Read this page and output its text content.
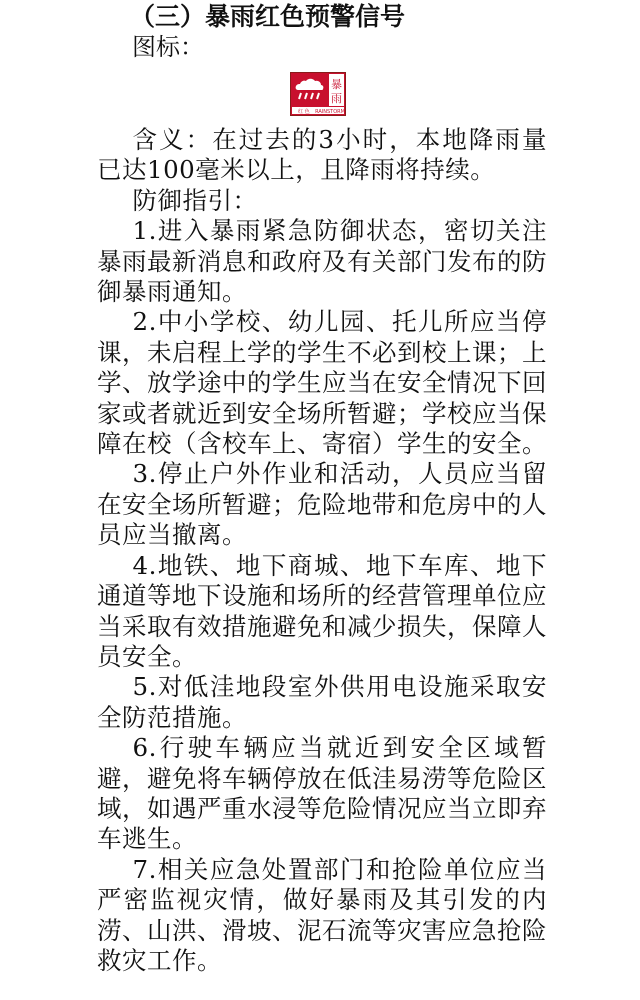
（三）暴雨红色预警信号
图标：
暴
雨
红 色 RAINSTORM

含义：在过去的3小时，本地降雨量已达100毫米以上，且降雨将持续。

防御指引：

1.进入暴雨紧急防御状态，密切关注暴雨最新消息和政府及有关部门发布的防御暴雨通知。

2.中小学校、幼儿园、托儿所应当停课，未启程上学的学生不必到校上课；上学、放学途中的学生应当在安全情况下回家或者就近到安全场所暂避；学校应当保障在校（含校车上、寄宿）学生的安全。

3.停止户外作业和活动，人员应当留在安全场所暂避；危险地带和危房中的人员应当撤离。

4.地铁、地下商城、地下车库、地下通道等地下设施和场所的经营管理单位应当采取有效措施避免和减少损失，保障人员安全。

5.对低洼地段室外供用电设施采取安全防范措施。

6.行驶车辆应当就近到安全区域暂避，避免将车辆停放在低洼易涝等危险区域，如遇严重水浸等危险情况应当立即弃车逃生。

7.相关应急处置部门和抢险单位应当严密监视灾情，做好暴雨及其引发的内涝、山洪、滑坡、泥石流等灾害应急抢险救灾工作。
